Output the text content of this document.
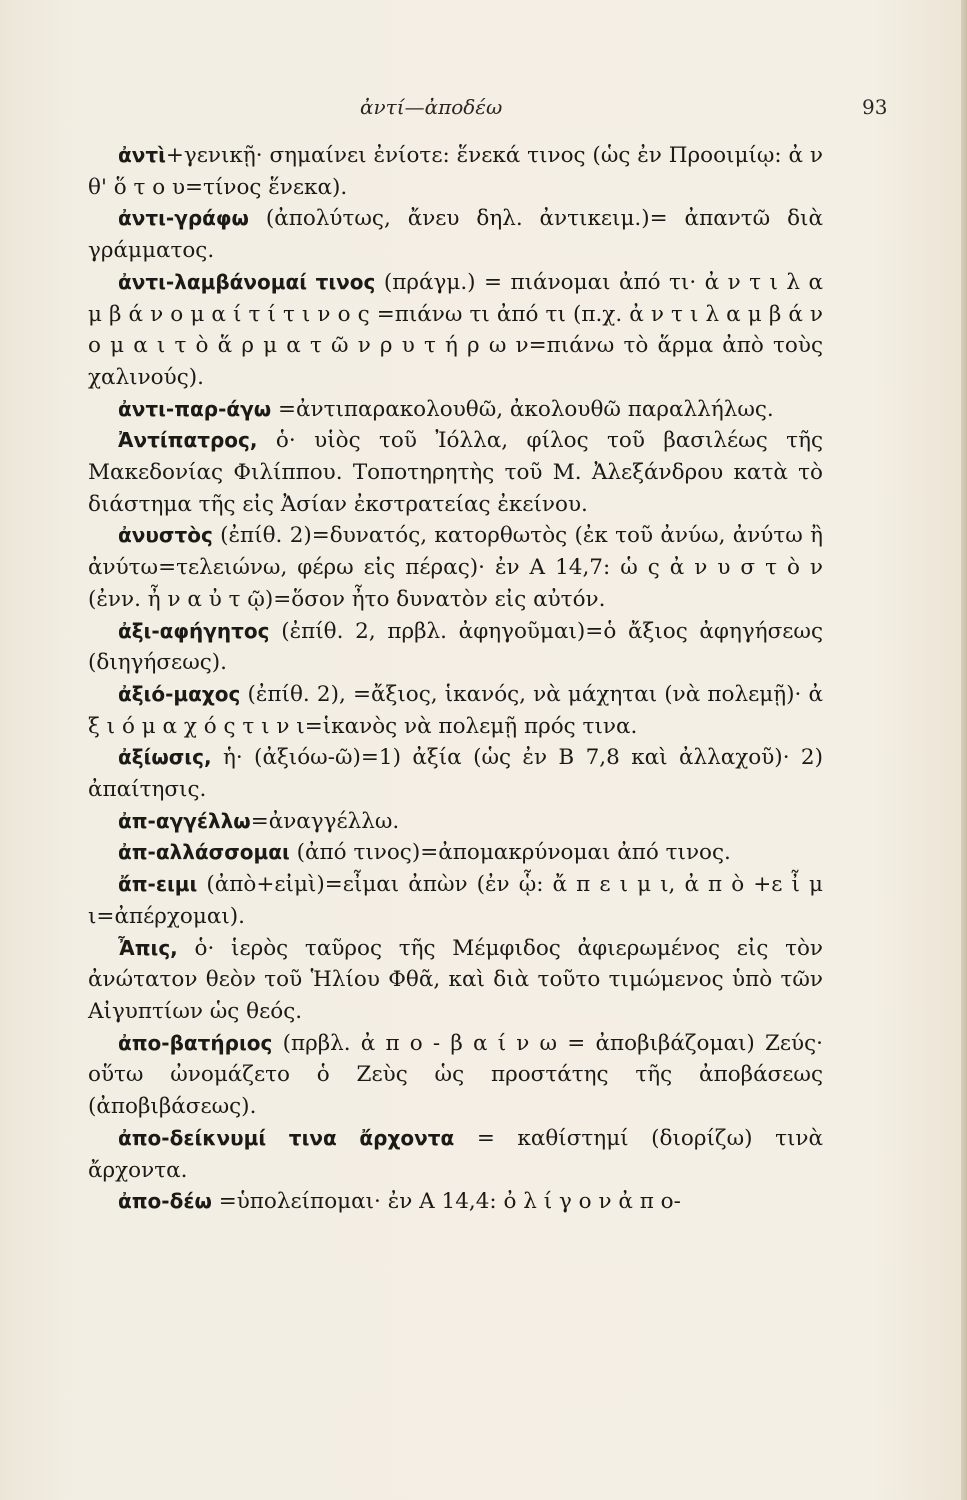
ἀντί—ἀποδέω	93

ἀντὶ+γενικῇ· σημαίνει ἐνίοτε: ἕνεκά τινος (ὡς ἐν Προοιμίῳ: ἀ ν θ' ὅ τ ο υ=τίνος ἕνεκα).

ἀντι-γράφω (ἀπολύτως, ἄνευ δηλ. ἀντικειμ.)= ἀπαντῶ διὰ γράμματος.

ἀντι-λαμβάνομαί τινος (πράγμ.) = πιάνομαι ἀπό τι· ἀ ν τ ι λ α μ β ά ν ο μ α ί τ ί τ ι ν ο ς =πιάνω τι ἀπό τι (π.χ. ἀ ν τ ι λ α μ β ά ν ο μ α ι τ ὸ ἅ ρ μ α τ ῶ ν ρ υ τ ή ρ ω ν=πιάνω τὸ ἅρμα ἀπὸ τοὺς χαλινούς).

ἀντι-παρ-άγω =ἀντιπαρακολουθῶ, ἀκολουθῶ παραλλήλως.

Ἀντίπατρος, ὁ· υἱὸς τοῦ Ἰόλλα, φίλος τοῦ βασιλέως τῆς Μακεδονίας Φιλίππου. Τοποτηρητὴς τοῦ Μ. Ἀλεξάνδρου κατὰ τὸ διάστημα τῆς εἰς Ἀσίαν ἐκστρατείας ἐκείνου.

ἀνυστὸς (ἐπίθ. 2)=δυνατός, κατορθωτὸς (ἐκ τοῦ ἀνύω, ἀνύτω ἢ ἀνύτω=τελειώνω, φέρω εἰς πέρας)· ἐν Α 14,7: ὡ ς ἀ ν υ σ τ ὸ ν (ἐνν. ἦ ν α ὐ τ ῷ)=ὅσον ἦτο δυνατὸν εἰς αὐτόν.

ἀξι-αφήγητος (ἐπίθ. 2, πρβλ. ἀφηγοῦμαι)=ὁ ἄξιος ἀφηγήσεως (διηγήσεως).

ἀξιό-μαχος (ἐπίθ. 2), =ἄξιος, ἱκανός, νὰ μάχηται (νὰ πολεμῇ)· ἀ ξ ι ό μ α χ ό ς τ ι ν ι=ἱκανὸς νὰ πολεμῇ πρός τινα.

ἀξίωσις, ἡ· (ἀξιόω-ῶ)=1) ἀξία (ὡς ἐν Β 7,8 καὶ ἀλλαχοῦ)· 2) ἀπαίτησις.

ἀπ-αγγέλλω=ἀναγγέλλω.

ἀπ-αλλάσσομαι (ἀπό τινος)=ἀπομακρύνομαι ἀπό τινος.

ἄπ-ειμι (ἀπὸ+εἰμὶ)=εἶμαι ἀπὼν (ἐν ᾧ: ἄ π ε ι μ ι, ἀ π ὸ +ε ἶ μ ι=ἀπέρχομαι).

Ἆπις, ὁ· ἱερὸς ταῦρος τῆς Μέμφιδος ἀφιερωμένος εἰς τὸν ἀνώτατον θεὸν τοῦ Ἡλίου Φθᾶ, καὶ διὰ τοῦτο τιμώμενος ὑπὸ τῶν Αἰγυπτίων ὡς θεός.

ἀπο-βατήριος (πρβλ. ἀ π ο - β α ί ν ω = ἀποβιβάζομαι) Ζεύς· οὕτω ὠνομάζετο ὁ Ζεὺς ὡς προστάτης τῆς ἀποβάσεως (ἀποβιβάσεως).

ἀπο-δείκνυμί τινα ἄρχοντα = καθίστημί (διορίζω) τινὰ ἄρχοντα.

ἀπο-δέω =ὑπολείπομαι· ἐν Α 14,4: ὀ λ ί γ ο ν ἀ π ο-
